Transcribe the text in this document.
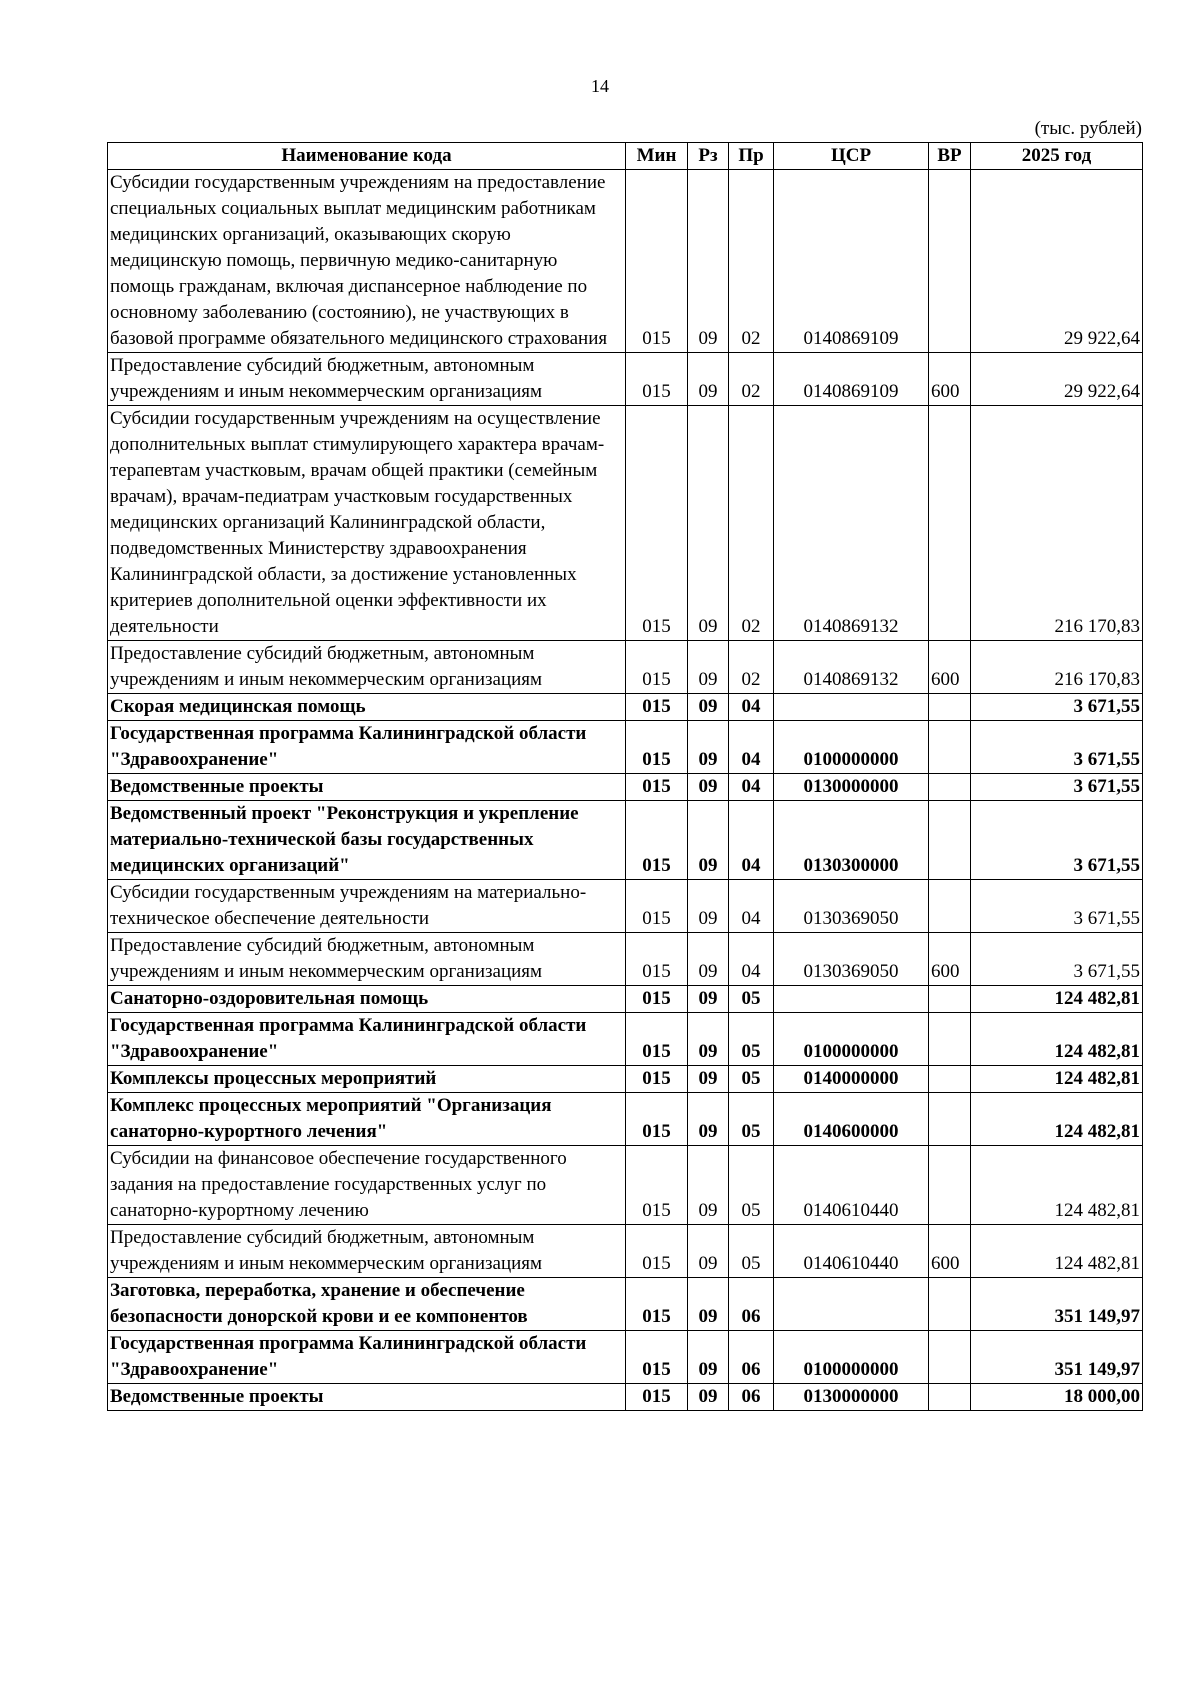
14
(тыс. рублей)
Наименование кода	Мин	Рз	Пр	ЦСР	ВР	2025 год
Субсидии государственным учреждениям на предоставление специальных социальных выплат медицинским работникам медицинских организаций, оказывающих скорую медицинскую помощь, первичную медико-санитарную помощь гражданам, включая диспансерное наблюдение по основному заболеванию (состоянию), не участвующих в базовой программе обязательного медицинского страхования	015	09	02	0140869109		29 922,64
Предоставление субсидий бюджетным, автономным учреждениям и иным некоммерческим организациям	015	09	02	0140869109	600	29 922,64
Субсидии государственным учреждениям на осуществление дополнительных выплат стимулирующего характера врачам-терапевтам участковым, врачам общей практики (семейным врачам), врачам-педиатрам участковым государственных медицинских организаций Калининградской области, подведомственных Министерству здравоохранения Калининградской области, за достижение установленных критериев дополнительной оценки эффективности их деятельности	015	09	02	0140869132		216 170,83
Предоставление субсидий бюджетным, автономным учреждениям и иным некоммерческим организациям	015	09	02	0140869132	600	216 170,83
Скорая медицинская помощь	015	09	04			3 671,55
Государственная программа Калининградской области "Здравоохранение"	015	09	04	0100000000		3 671,55
Ведомственные проекты	015	09	04	0130000000		3 671,55
Ведомственный проект "Реконструкция и укрепление материально-технической базы государственных медицинских организаций"	015	09	04	0130300000		3 671,55
Субсидии государственным учреждениям на материально-техническое обеспечение деятельности	015	09	04	0130369050		3 671,55
Предоставление субсидий бюджетным, автономным учреждениям и иным некоммерческим организациям	015	09	04	0130369050	600	3 671,55
Санаторно-оздоровительная помощь	015	09	05			124 482,81
Государственная программа Калининградской области "Здравоохранение"	015	09	05	0100000000		124 482,81
Комплексы процессных мероприятий	015	09	05	0140000000		124 482,81
Комплекс процессных мероприятий "Организация санаторно-курортного лечения"	015	09	05	0140600000		124 482,81
Субсидии на финансовое обеспечение государственного задания на предоставление государственных услуг по санаторно-курортному лечению	015	09	05	0140610440		124 482,81
Предоставление субсидий бюджетным, автономным учреждениям и иным некоммерческим организациям	015	09	05	0140610440	600	124 482,81
Заготовка, переработка, хранение и обеспечение безопасности донорской крови и ее компонентов	015	09	06			351 149,97
Государственная программа Калининградской области "Здравоохранение"	015	09	06	0100000000		351 149,97
Ведомственные проекты	015	09	06	0130000000		18 000,00
